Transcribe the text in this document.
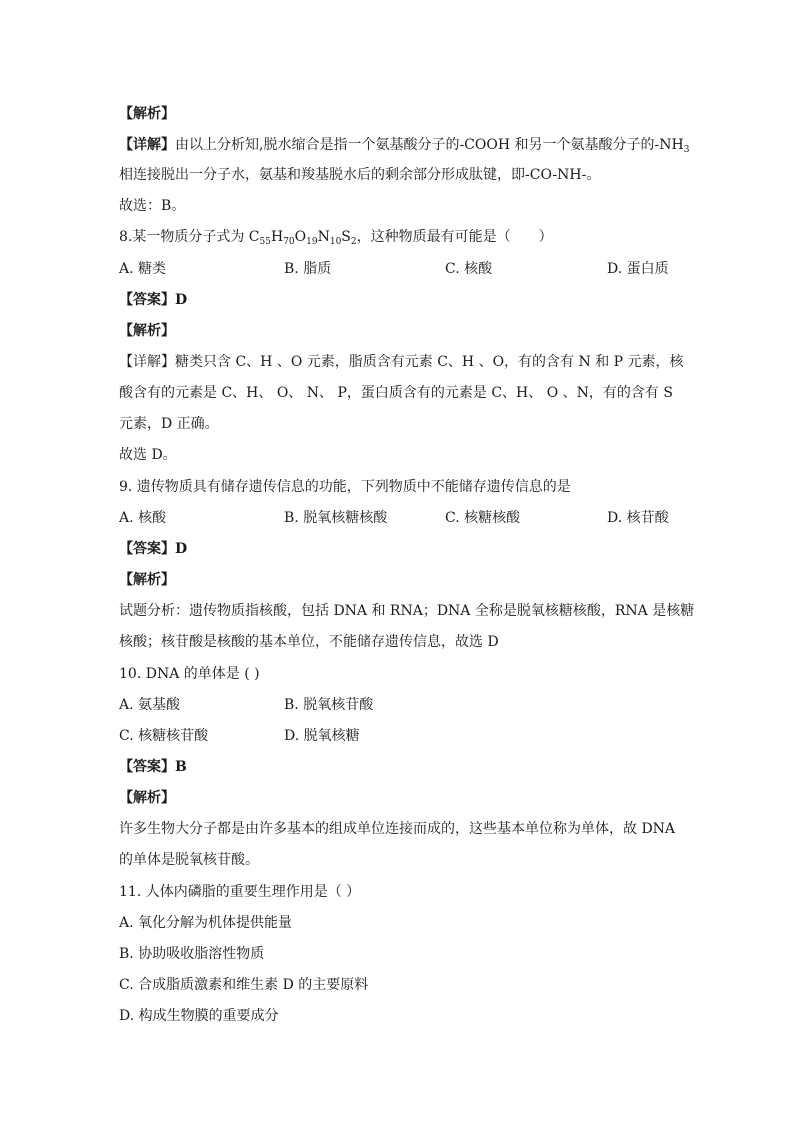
【解析】
【详解】由以上分析知,脱水缩合是指一个氨基酸分子的-COOH 和另一个氨基酸分子的$-NH_3$
相连接脱出一分子水，氨基和羧基脱水后的剩余部分形成肽键，即-CO-NH-。
故选：B。
8.某一物质分子式为 $C_{55}H_{70}O_{19}N_{10}S_2$，这种物质最有可能是（　　）
A. 糖类	B. 脂质	C. 核酸	D. 蛋白质
【答案】D
【解析】
【详解】糖类只含 C、H 、O 元素，脂质含有元素 C、H 、O，有的含有 N 和 P 元素，核
酸含有的元素是 C、H、 O、 N、 P，蛋白质含有的元素是 C、H、 O 、N，有的含有 S
元素，D 正确。
故选 D。
9. 遗传物质具有储存遗传信息的功能，下列物质中不能储存遗传信息的是
A. 核酸	B. 脱氧核糖核酸	C. 核糖核酸	D. 核苷酸
【答案】D
【解析】
试题分析：遗传物质指核酸，包括 DNA 和 RNA；DNA 全称是脱氧核糖核酸，RNA 是核糖
核酸；核苷酸是核酸的基本单位，不能储存遗传信息，故选 D
10. DNA 的单体是 ( )
A. 氨基酸	B. 脱氧核苷酸
C. 核糖核苷酸	D. 脱氧核糖
【答案】B
【解析】
许多生物大分子都是由许多基本的组成单位连接而成的，这些基本单位称为单体，故 DNA
的单体是脱氧核苷酸。
11. 人体内磷脂的重要生理作用是（ ）
A. 氧化分解为机体提供能量
B. 协助吸收脂溶性物质
C. 合成脂质激素和维生素 D 的主要原料
D. 构成生物膜的重要成分
